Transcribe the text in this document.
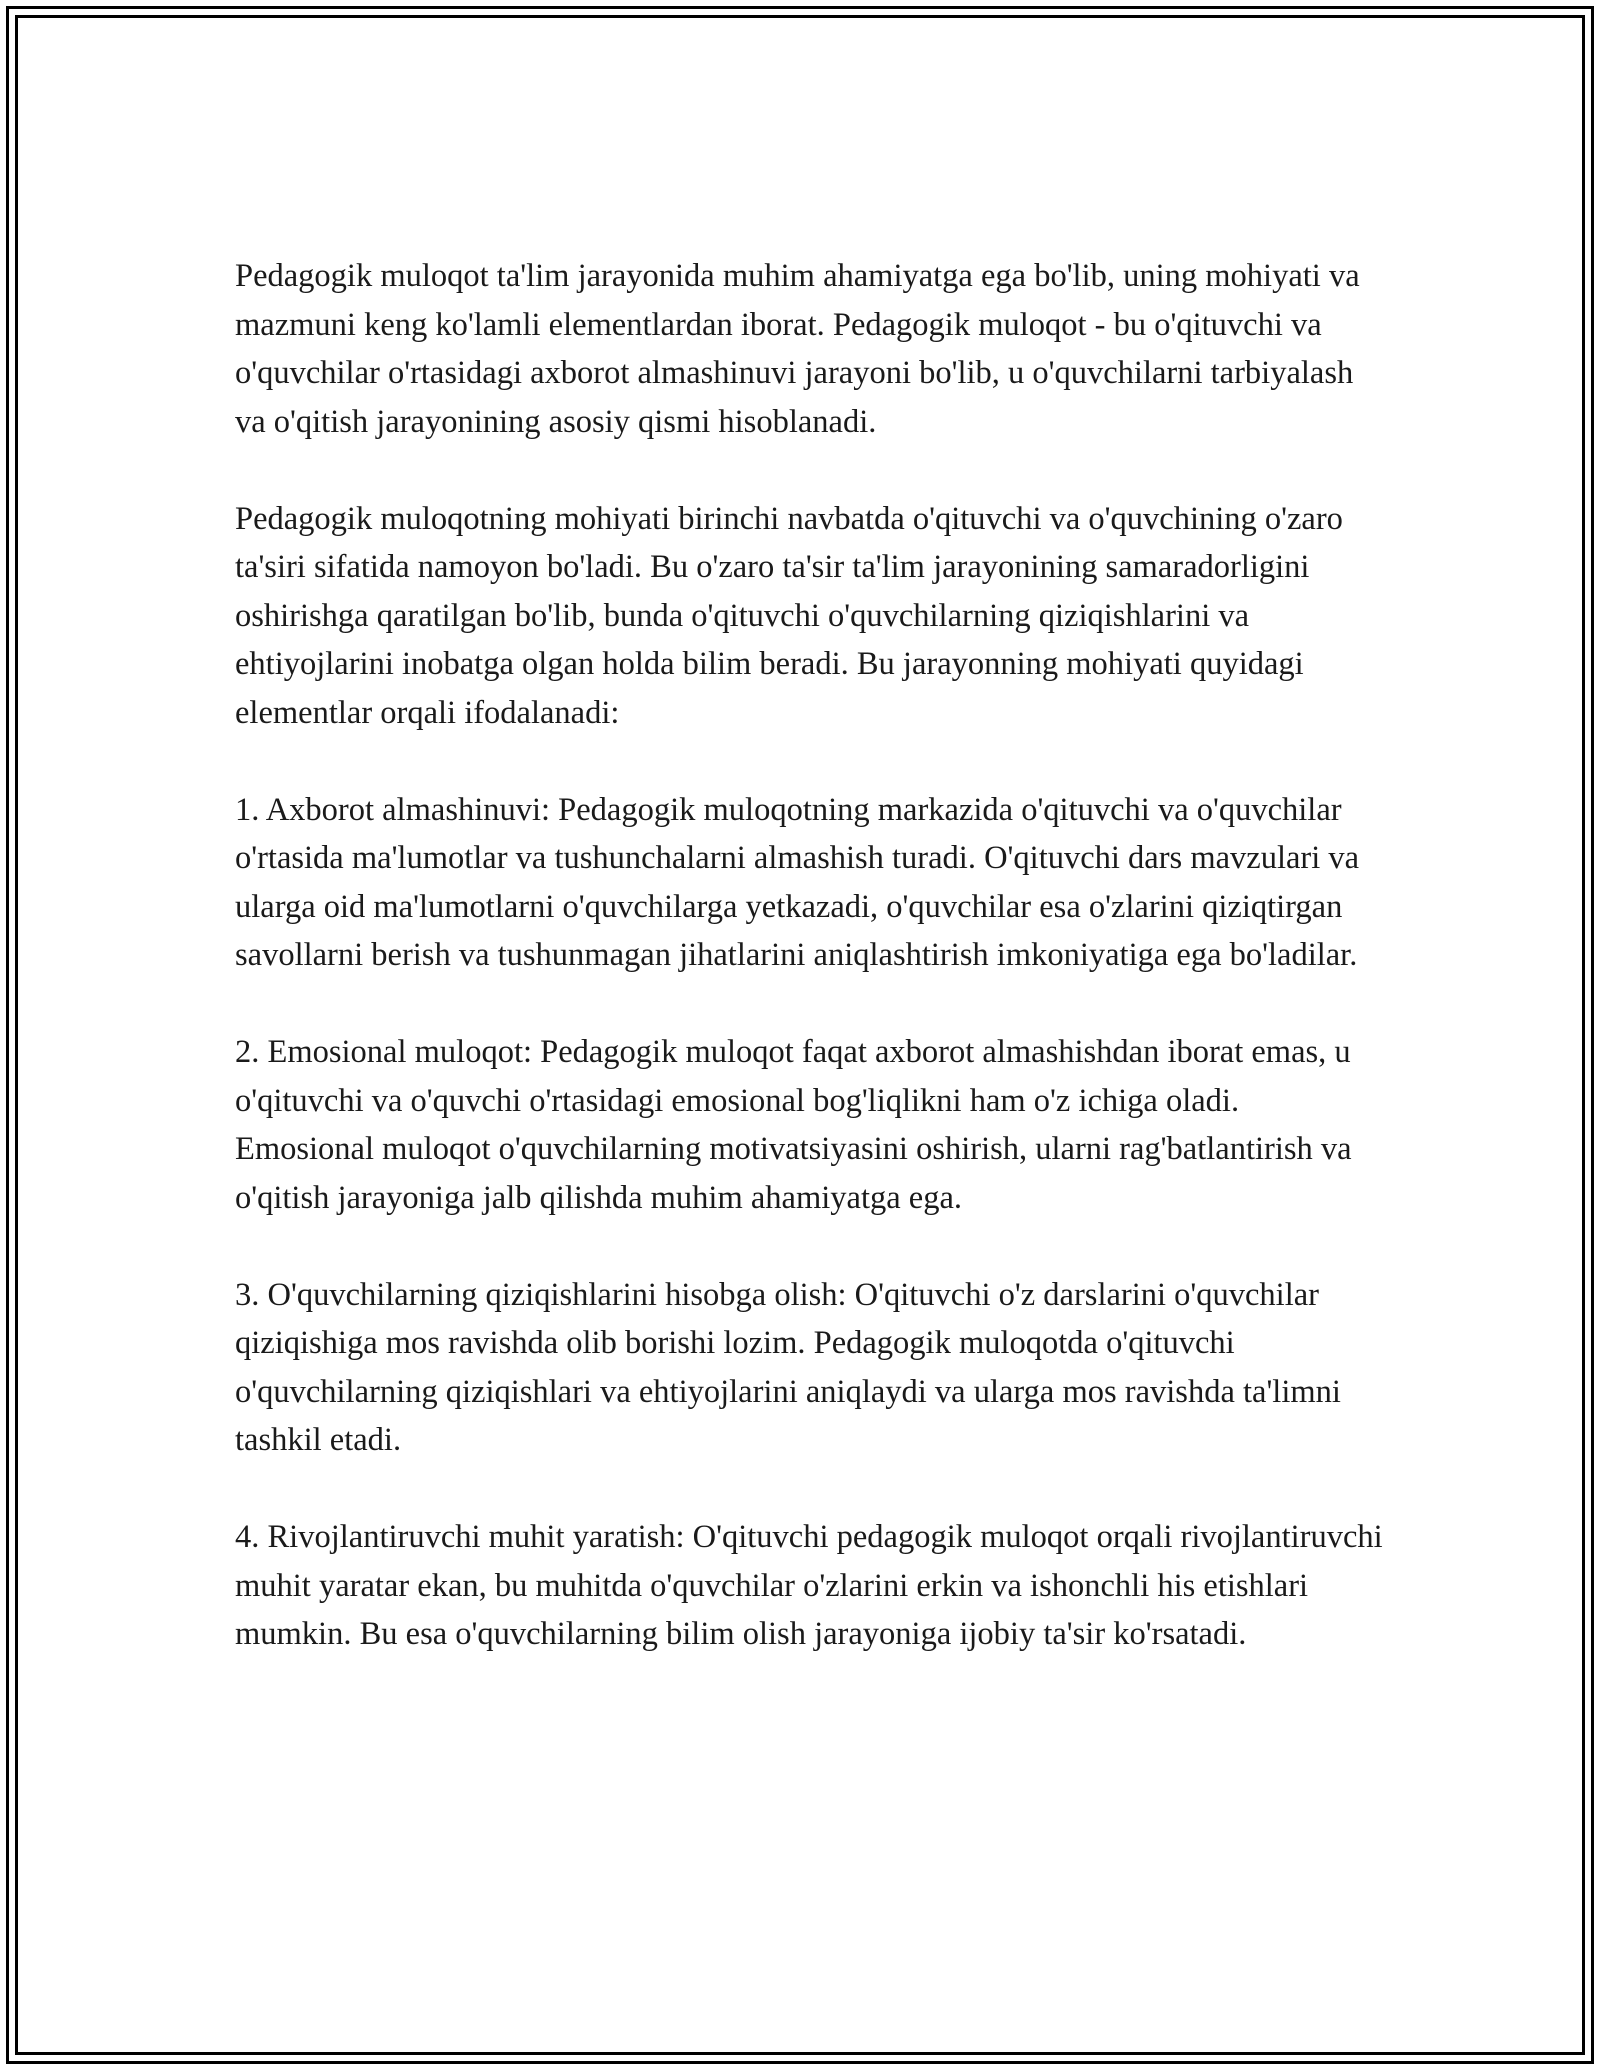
Pedagogik muloqot ta'lim jarayonida muhim ahamiyatga ega bo'lib, uning mohiyati va mazmuni keng ko'lamli elementlardan iborat. Pedagogik muloqot - bu o'qituvchi va o'quvchilar o'rtasidagi axborot almashinuvi jarayoni bo'lib, u o'quvchilarni tarbiyalash va o'qitish jarayonining asosiy qismi hisoblanadi.

Pedagogik muloqotning mohiyati birinchi navbatda o'qituvchi va o'quvchining o'zaro ta'siri sifatida namoyon bo'ladi. Bu o'zaro ta'sir ta'lim jarayonining samaradorligini oshirishga qaratilgan bo'lib, bunda o'qituvchi o'quvchilarning qiziqishlarini va ehtiyojlarini inobatga olgan holda bilim beradi. Bu jarayonning mohiyati quyidagi elementlar orqali ifodalanadi:

1. Axborot almashinuvi: Pedagogik muloqotning markazida o'qituvchi va o'quvchilar o'rtasida ma'lumotlar va tushunchalarni almashish turadi. O'qituvchi dars mavzulari va ularga oid ma'lumotlarni o'quvchilarga yetkazadi, o'quvchilar esa o'zlarini qiziqtirgan savollarni berish va tushunmagan jihatlarini aniqlashtirish imkoniyatiga ega bo'ladilar.

2. Emosional muloqot: Pedagogik muloqot faqat axborot almashishdan iborat emas, u o'qituvchi va o'quvchi o'rtasidagi emosional bog'liqlikni ham o'z ichiga oladi. Emosional muloqot o'quvchilarning motivatsiyasini oshirish, ularni rag'batlantirish va o'qitish jarayoniga jalb qilishda muhim ahamiyatga ega.

3. O'quvchilarning qiziqishlarini hisobga olish: O'qituvchi o'z darslarini o'quvchilar qiziqishiga mos ravishda olib borishi lozim. Pedagogik muloqotda o'qituvchi o'quvchilarning qiziqishlari va ehtiyojlarini aniqlaydi va ularga mos ravishda ta'limni tashkil etadi.

4. Rivojlantiruvchi muhit yaratish: O'qituvchi pedagogik muloqot orqali rivojlantiruvchi muhit yaratar ekan, bu muhitda o'quvchilar o'zlarini erkin va ishonchli his etishlari mumkin. Bu esa o'quvchilarning bilim olish jarayoniga ijobiy ta'sir ko'rsatadi.
